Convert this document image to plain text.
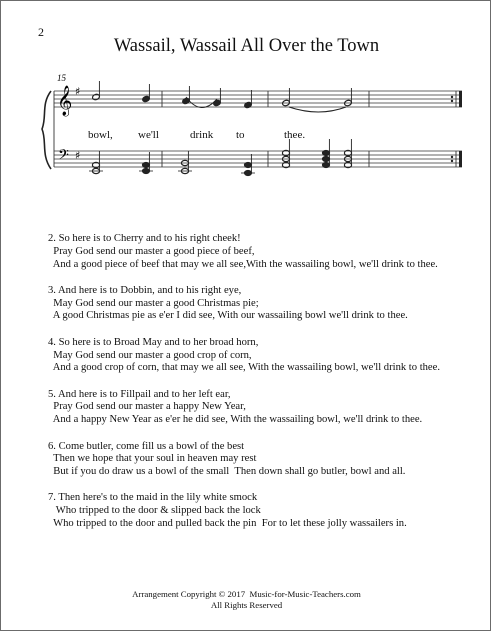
2
Wassail, Wassail All Over the Town
15
𝄞
𝄢
♯
♯
bowl, we'll	drink to	thee.
2. So here is to Cherry and to his right cheek!
Pray God send our master a good piece of beef,
And a good piece of beef that may we all see,With the wassailing bowl, we'll drink to thee.
3. And here is to Dobbin, and to his right eye,
May God send our master a good Christmas pie;
A good Christmas pie as e'er I did see, With our wassailing bowl we'll drink to thee.
4. So here is to Broad May and to her broad horn,
May God send our master a good crop of corn,
And a good crop of corn, that may we all see, With the wassailing bowl, we'll drink to thee.
5. And here is to Fillpail and to her left ear,
Pray God send our master a happy New Year,
And a happy New Year as e'er he did see, With the wassailing bowl, we'll drink to thee.
6. Come butler, come fill us a bowl of the best
Then we hope that your soul in heaven may rest
But if you do draw us a bowl of the small  Then down shall go butler, bowl and all.
7. Then here's to the maid in the lily white smock
Who tripped to the door & slipped back the lock
Who tripped to the door and pulled back the pin  For to let these jolly wassailers in.
Arrangement Copyright © 2017  Music-for-Music-Teachers.com
All Rights Reserved
